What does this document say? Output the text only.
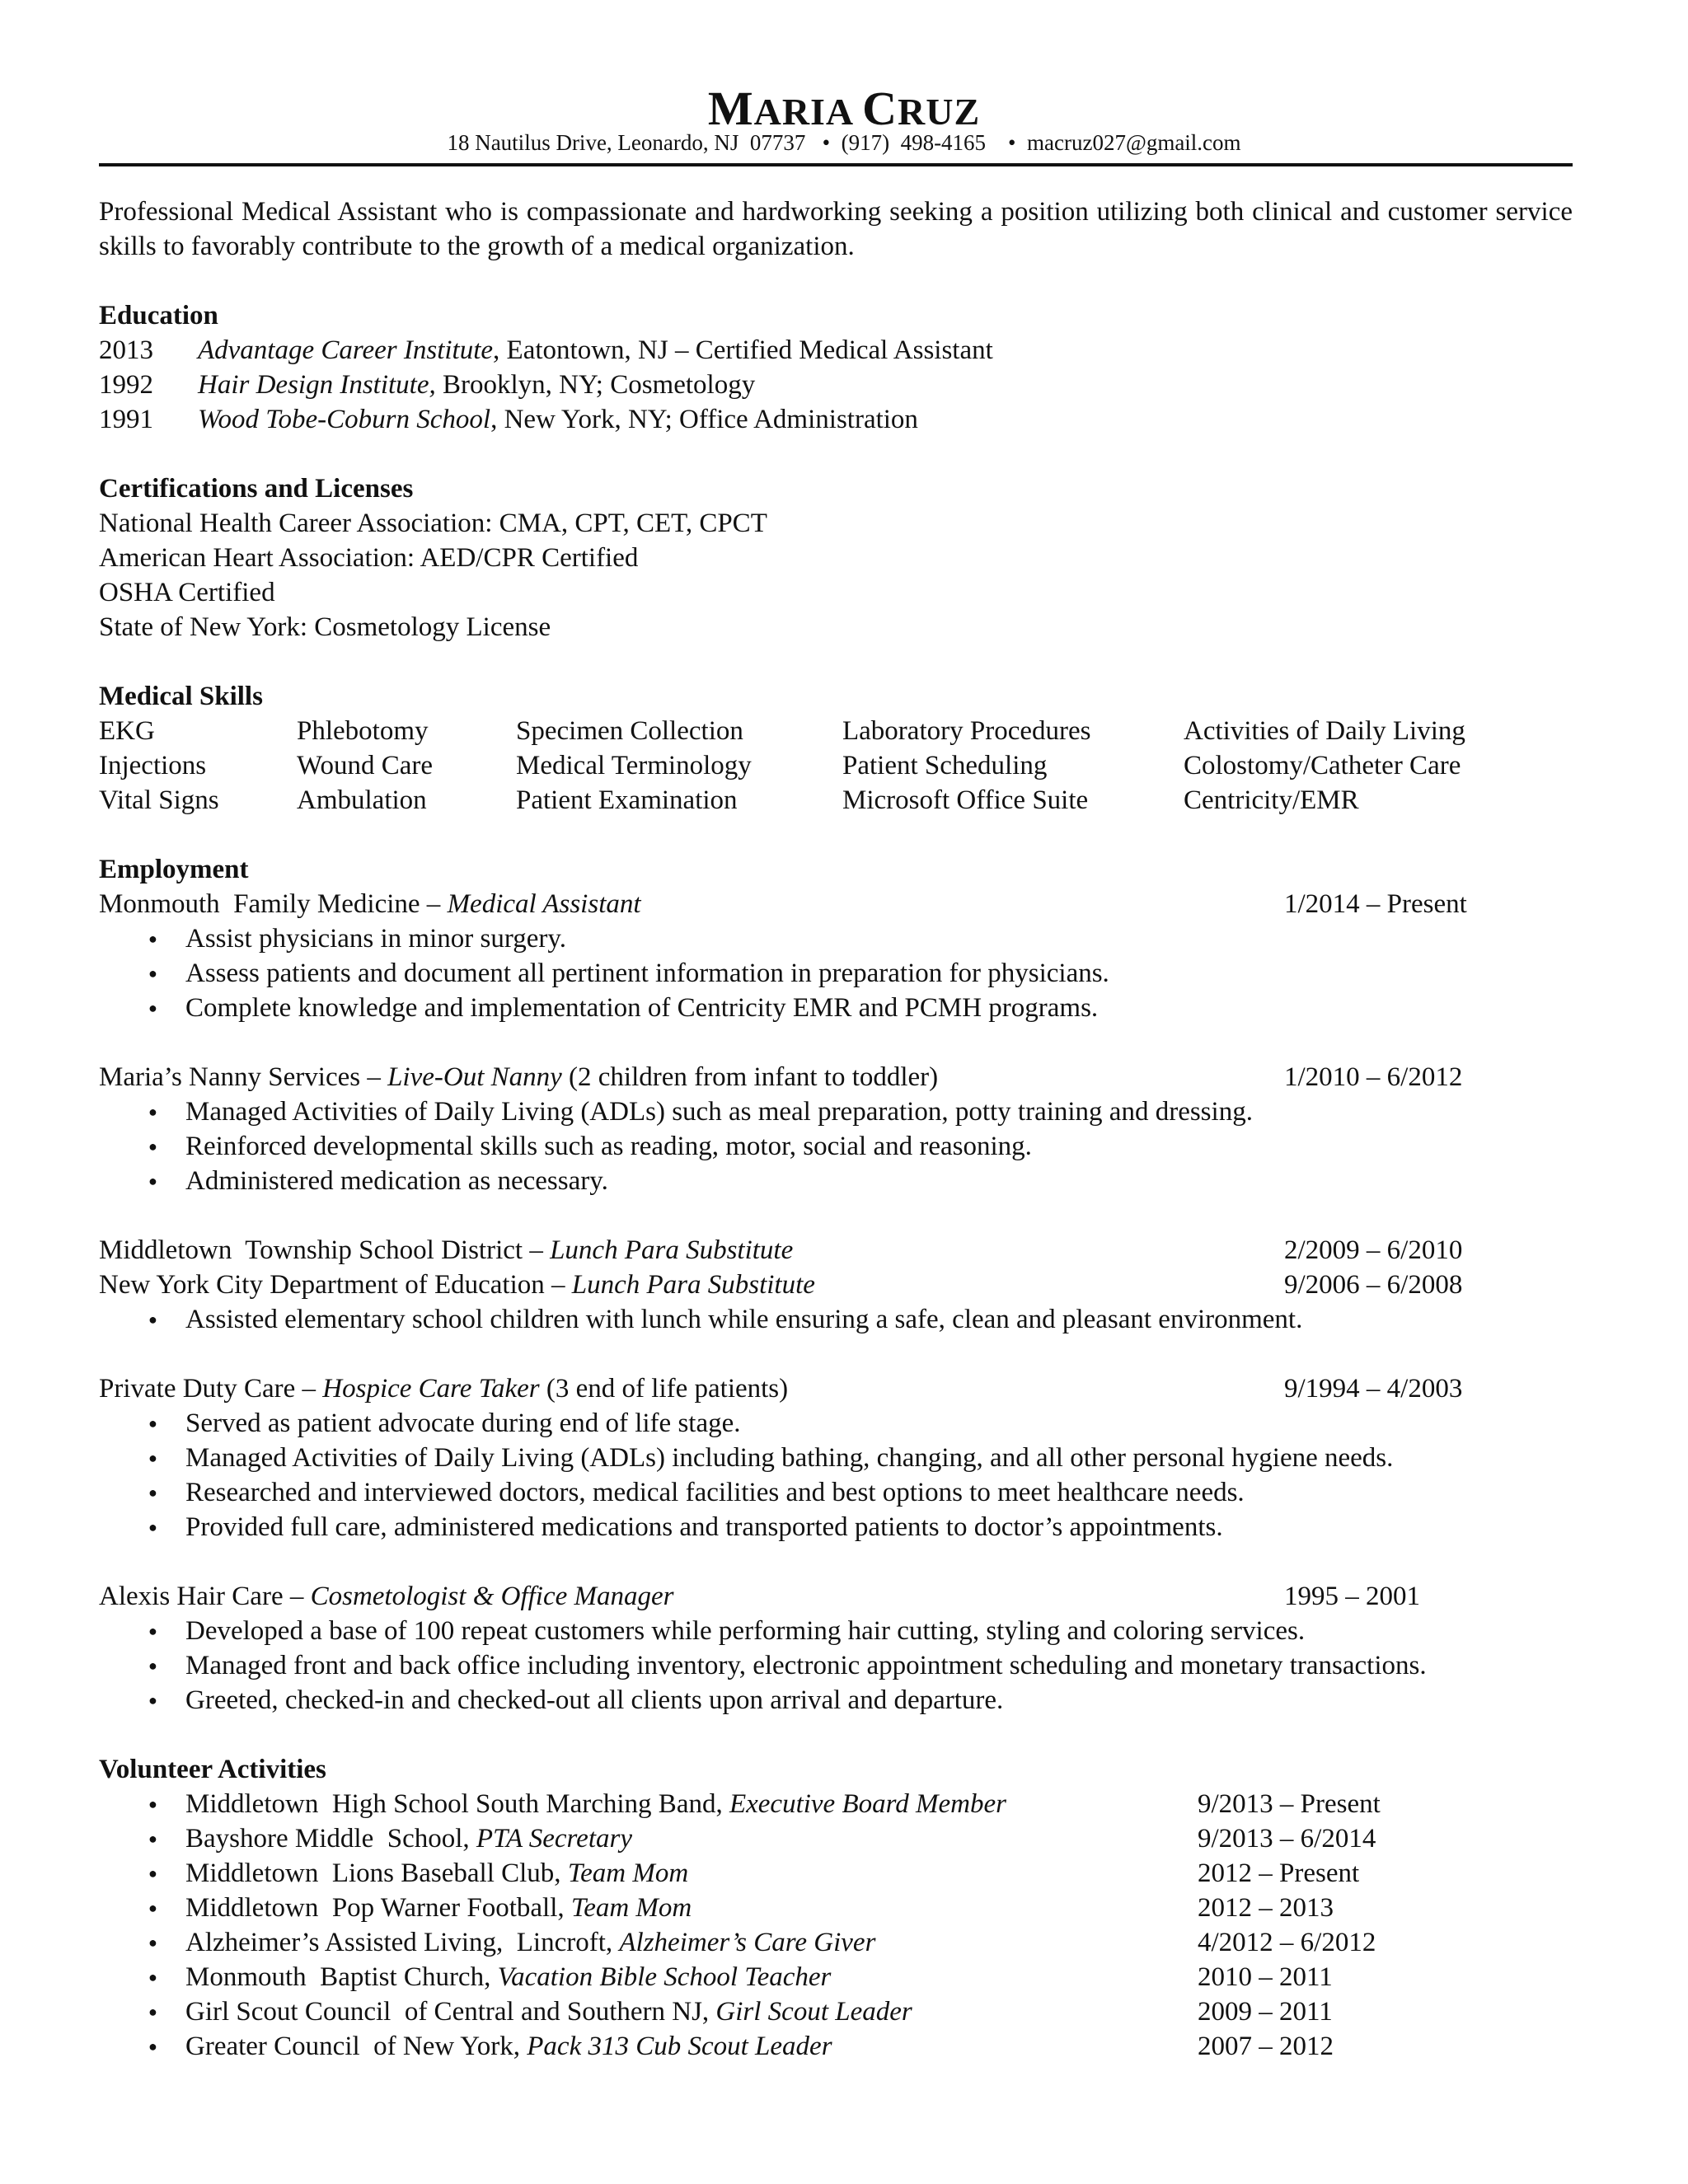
MARIA CRUZ
18 Nautilus Drive, Leonardo, NJ  07737   •  (917)  498-4165    •  macruz027@gmail.com

Professional Medical Assistant who is compassionate and hardworking seeking a position utilizing both clinical and customer service skills to favorably contribute to the growth of a medical organization.

Education
2013	Advantage Career Institute, Eatontown, NJ – Certified Medical Assistant
1992	Hair Design Institute, Brooklyn, NY; Cosmetology
1991	Wood Tobe-Coburn School, New York, NY; Office Administration
Certifications and Licenses
National Health Career Association: CMA, CPT, CET, CPCT
American Heart Association: AED/CPR Certified
OSHA Certified
State of New York: Cosmetology License
Medical Skills
EKG	Phlebotomy	Specimen Collection	Laboratory Procedures	Activities of Daily Living
Injections	Wound Care	Medical Terminology	Patient Scheduling	Colostomy/Catheter Care
Vital Signs	Ambulation	Patient Examination	Microsoft Office Suite	Centricity/EMR
Employment
Monmouth  Family Medicine – Medical Assistant	1/2014 – Present
● Assist physicians in minor surgery.
● Assess patients and document all pertinent information in preparation for physicians.
● Complete knowledge and implementation of Centricity EMR and PCMH programs.
Maria’s Nanny Services – Live-Out Nanny (2 children from infant to toddler)	1/2010 – 6/2012
● Managed Activities of Daily Living (ADLs) such as meal preparation, potty training and dressing.
● Reinforced developmental skills such as reading, motor, social and reasoning.
● Administered medication as necessary.
Middletown  Township School District – Lunch Para Substitute	2/2009 – 6/2010
New York City Department of Education – Lunch Para Substitute	9/2006 – 6/2008
● Assisted elementary school children with lunch while ensuring a safe, clean and pleasant environment.
Private Duty Care – Hospice Care Taker (3 end of life patients)	9/1994 – 4/2003
● Served as patient advocate during end of life stage.
● Managed Activities of Daily Living (ADLs) including bathing, changing, and all other personal hygiene needs.
● Researched and interviewed doctors, medical facilities and best options to meet healthcare needs.
● Provided full care, administered medications and transported patients to doctor’s appointments.
Alexis Hair Care – Cosmetologist & Office Manager	1995 – 2001
● Developed a base of 100 repeat customers while performing hair cutting, styling and coloring services.
● Managed front and back office including inventory, electronic appointment scheduling and monetary transactions.
● Greeted, checked-in and checked-out all clients upon arrival and departure.
Volunteer Activities
● Middletown  High School South Marching Band, Executive Board Member	9/2013 – Present
● Bayshore Middle  School, PTA Secretary	9/2013 – 6/2014
● Middletown  Lions Baseball Club, Team Mom	2012 – Present
● Middletown  Pop Warner Football, Team Mom	2012 – 2013
● Alzheimer’s Assisted Living,  Lincroft, Alzheimer’s Care Giver	4/2012 – 6/2012
● Monmouth  Baptist Church, Vacation Bible School Teacher	2010 – 2011
● Girl Scout Council  of Central and Southern NJ, Girl Scout Leader	2009 – 2011
● Greater Council  of New York, Pack 313 Cub Scout Leader	2007 – 2012
